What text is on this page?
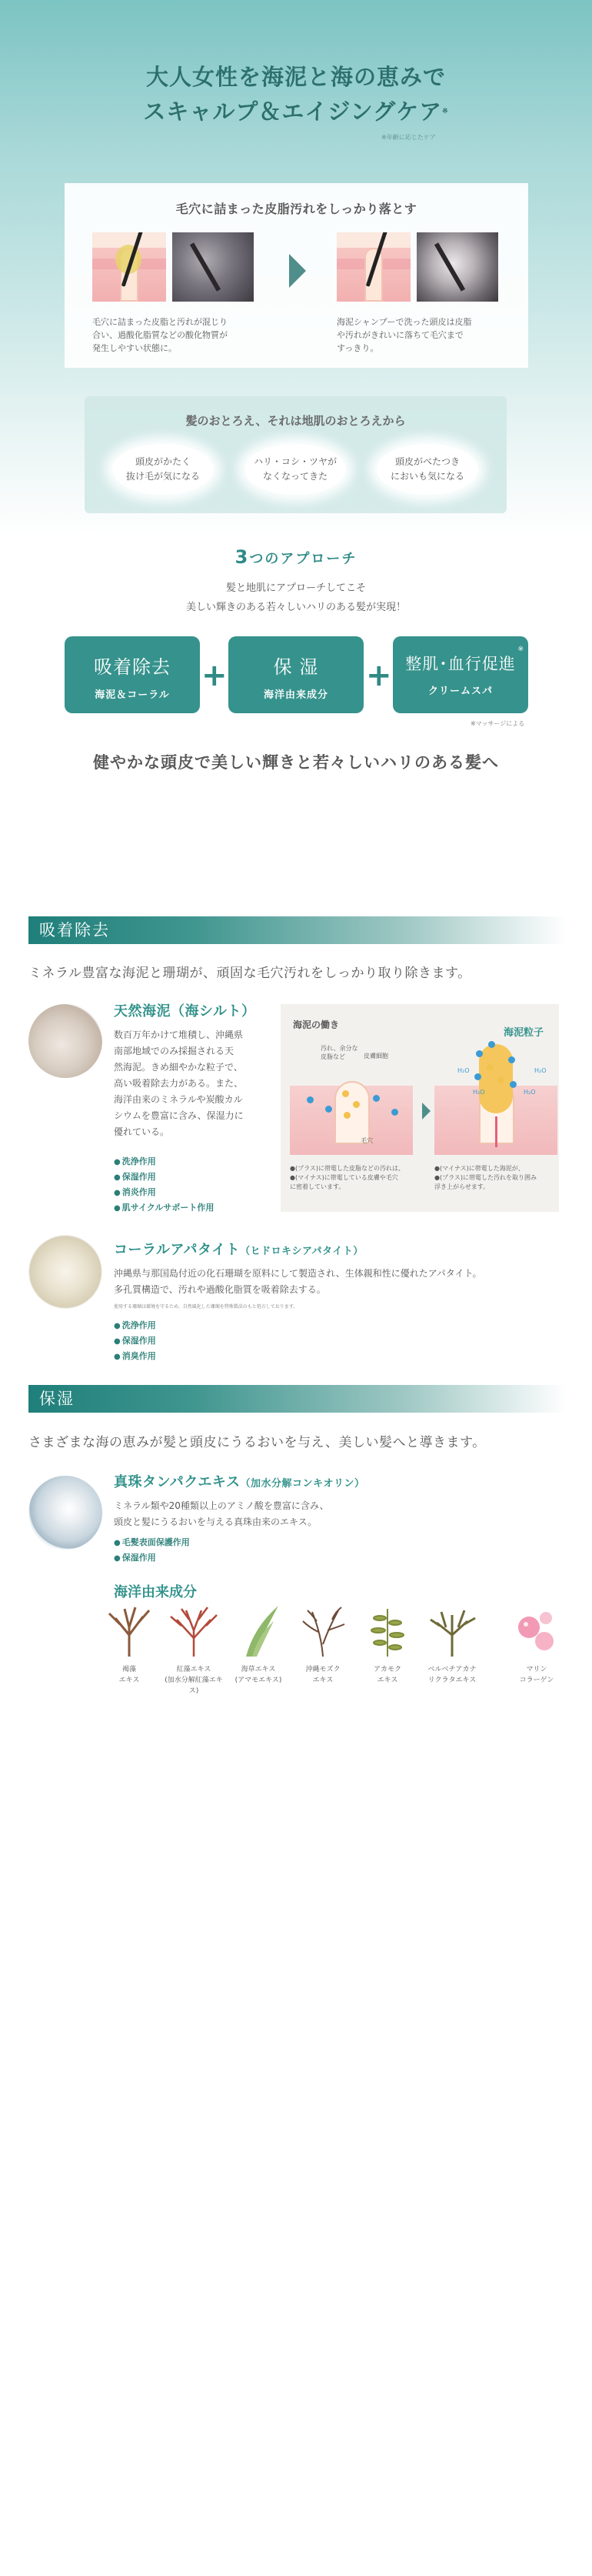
大人女性を海泥と海の恵みで
スキャルプ＆エイジングケア※
※年齢に応じたケア
毛穴に詰まった皮脂汚れをしっかり落とす
毛穴に詰まった皮脂と汚れが混じり
合い、過酸化脂質などの酸化物質が
発生しやすい状態に。
海泥シャンプーで洗った頭皮は皮脂
や汚れがきれいに落ちて毛穴まで
すっきり。
髪のおとろえ、それは地肌のおとろえから
頭皮がかたく
抜け毛が気になる
ハリ・コシ・ツヤが
なくなってきた
頭皮がべたつき
においも気になる
3つのアプローチ
髪と地肌にアプローチしてこそ
美しい輝きのある若々しいハリのある髪が実現！
吸着除去
海泥＆コーラル
+	保 湿
海洋由来成分
+ 整肌･血行促進
クリームスパ
※
※マッサージによる
健やかな頭皮で美しい輝きと若々しいハリのある髪へ
吸着除去
ミネラル豊富な海泥と珊瑚が、頑固な毛穴汚れをしっかり取り除きます。
天然海泥（海シルト）
数百万年かけて堆積し、沖縄県
南部地域でのみ採掘される天
然海泥。きめ細やかな粒子で、
高い吸着除去力がある。また、
海洋由来のミネラルや炭酸カル
シウムを豊富に含み、保湿力に
優れている。
● 洗浄作用
● 保湿作用
● 消炎作用
● 肌サイクルサポート作用
海泥の働き
海泥粒子
汚れ、余分な
皮脂など	皮膚細胞
毛穴
H₂O	H₂O
H₂O	H₂O
●(プラス)に帯電した皮脂などの汚れは、
●(マイナス)に帯電している皮膚や毛穴
に密着しています。
●(マイナス)に帯電した海泥が、
●(プラス)に帯電した汚れを取り囲み
浮き上がらせます。
コーラルアパタイト（ヒドロキシアパタイト）
沖縄県与那国島付近の化石珊瑚を原料にして製造され、生体親和性に優れたアパタイト。
多孔質構造で、汚れや過酸化脂質を吸着除去する。
使用する珊瑚は環境を守るため、自然風化した珊瑚を特殊製法のもと処方しております。
● 洗浄作用
● 保湿作用
● 消臭作用
保湿
さまざまな海の恵みが髪と頭皮にうるおいを与え、美しい髪へと導きます。
真珠タンパクエキス（加水分解コンキオリン）
ミネラル類や20種類以上のアミノ酸を豊富に含み、
頭皮と髪にうるおいを与える真珠由来のエキス。
● 毛髪表面保護作用
● 保湿作用
海洋由来成分
褐藻
エキス
紅藻エキス
(加水分解紅藻エキス)
海草エキス
(アマモエキス)
沖縄モズク
エキス
アカモク
エキス
ベルベチアカナ
リクラタエキス
マリン
コラーゲン
